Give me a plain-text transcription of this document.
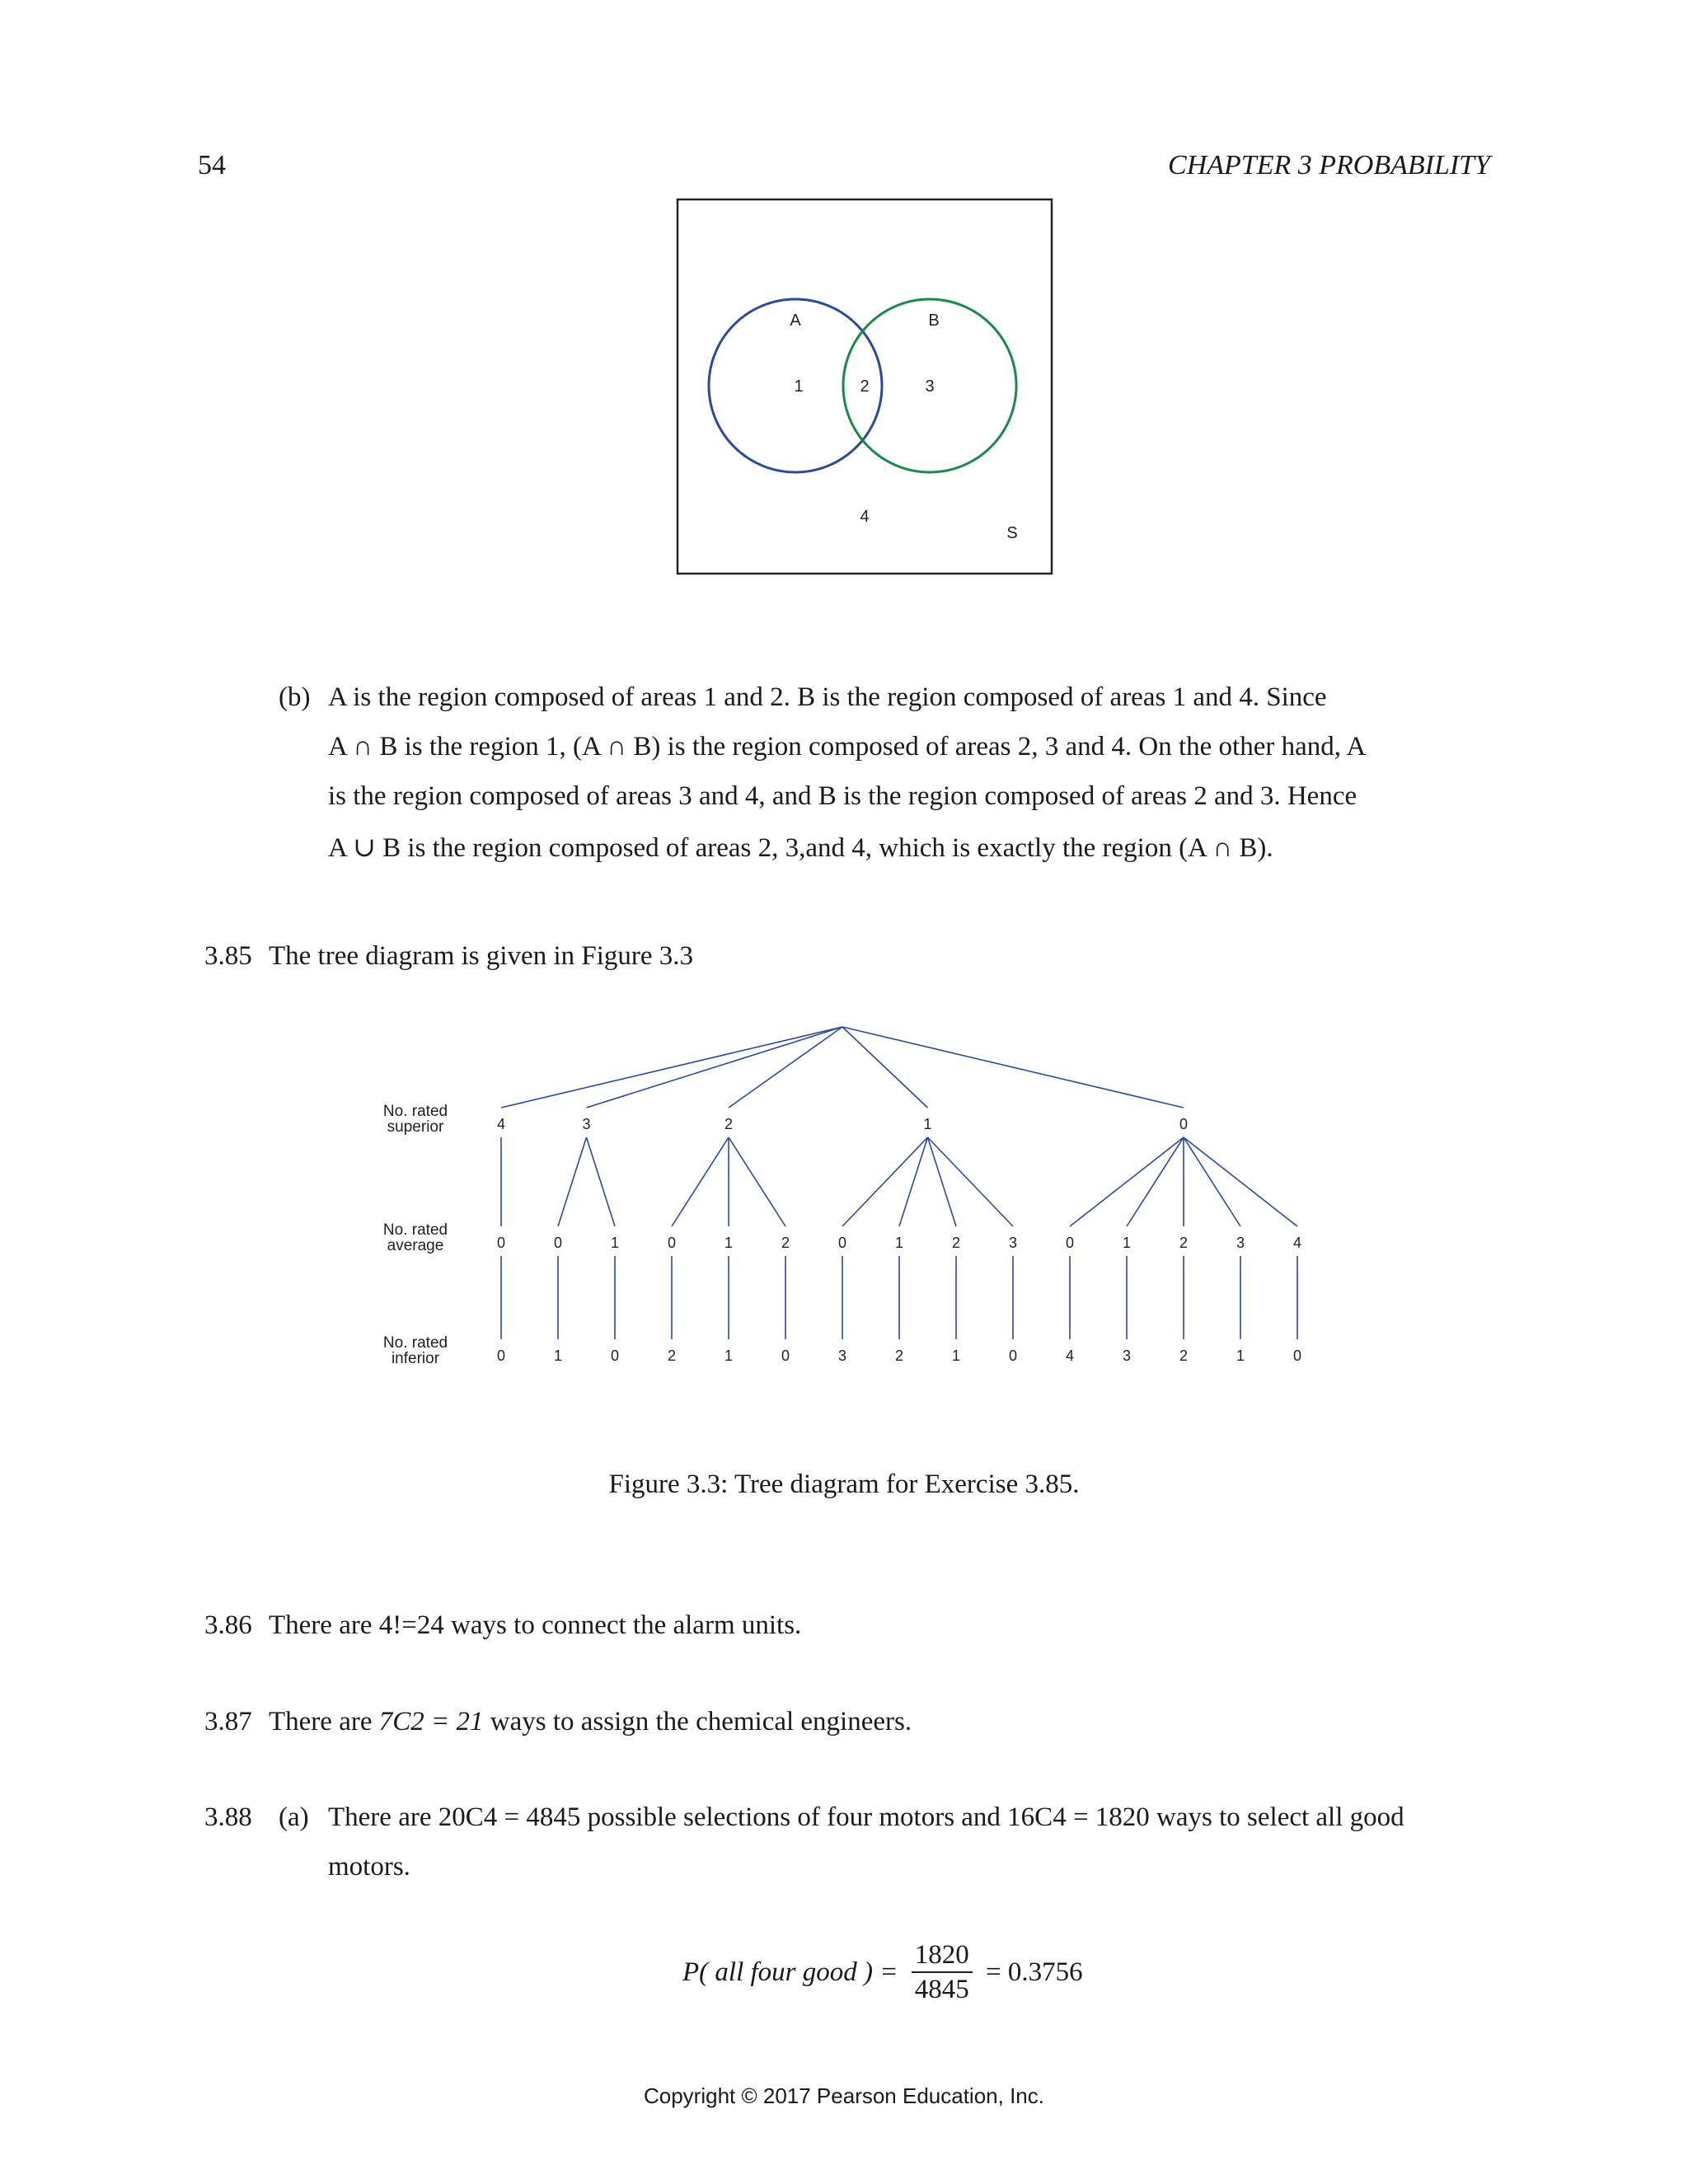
54	CHAPTER 3 PROBABILITY
A	B
1	2	3
4
S
(b) A is the region composed of areas 1 and 2. B is the region composed of areas 1 and 4. Since
A ∩ B is the region 1, (A ∩ B) is the region composed of areas 2, 3 and 4. On the other hand, A
is the region composed of areas 3 and 4, and B is the region composed of areas 2 and 3. Hence
A ∪ B is the region composed of areas 2, 3,and 4, which is exactly the region (A ∩ B).
3.85 The tree diagram is given in Figure 3.3
No. rated
superior
No. rated
average
No. rated
inferior
4
0
0
3
0
1
1
0
2
0
2
1
1
2
0
1
0
3
1
2
2
1
3
0
0
0
4
1
3
2
2
3
1
4
0
Figure 3.3: Tree diagram for Exercise 3.85.
3.86 There are 4!=24 ways to connect the alarm units.
3.87 There are 7C2 = 21 ways to assign the chemical engineers.
3.88 (a) There are 20C4 = 4845 possible selections of four motors and 16C4 = 1820 ways to select all good
motors.
P( all four good ) = $\frac{1820}{4845} = 0.3756$
Copyright © 2017 Pearson Education, Inc.
